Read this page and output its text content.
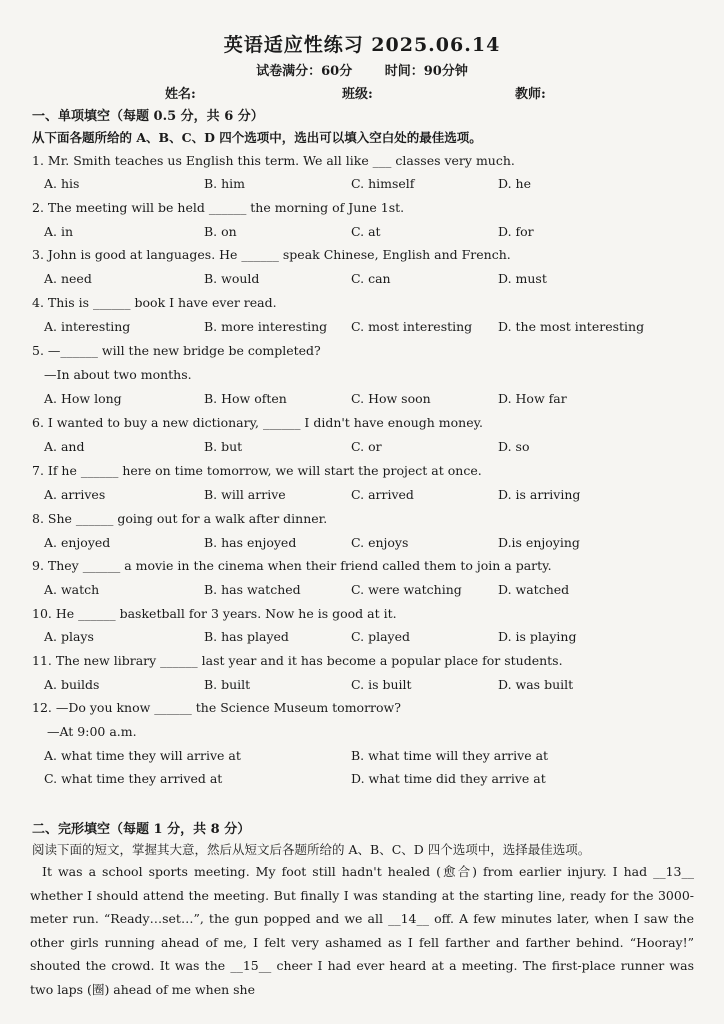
英语适应性练习 2025.06.14
试卷满分：60分	时间：90分钟
姓名:	班级:	教师:
一、单项填空（每题 0.5 分，共 6 分）
从下面各题所给的 A、B、C、D 四个选项中，选出可以填入空白处的最佳选项。
1. Mr. Smith teaches us English this term. We all like ___ classes very much.
A. his	B. him	C. himself	D. he
2. The meeting will be held ______ the morning of June 1st.
A. in	B. on	C. at	D. for
3. John is good at languages. He ______ speak Chinese, English and French.
A. need	B. would	C. can	D. must
4. This is ______ book I have ever read.
A. interesting	B. more interesting C. most interesting D. the most interesting
5. —______ will the new bridge be completed?
—In about two months.
A. How long	B. How often	C. How soon	D. How far
6. I wanted to buy a new dictionary, ______ I didn't have enough money.
A. and	B. but	C. or	D. so
7. If he ______ here on time tomorrow, we will start the project at once.
A. arrives	B. will arrive	C. arrived	D. is arriving
8. She ______ going out for a walk after dinner.
A. enjoyed	B. has enjoyed	C. enjoys	D.is enjoying
9. They ______ a movie in the cinema when their friend called them to join a party.
A. watch	B. has watched	C. were watching	D. watched
10. He ______ basketball for 3 years. Now he is good at it.
A. plays	B. has played	C. played	D. is playing
11. The new library ______ last year and it has become a popular place for students.
A. builds	B. built	C. is built	D. was built
12. —Do you know ______ the Science Museum tomorrow?
—At 9:00 a.m.
A. what time they will arrive at	B. what time will they arrive at
C. what time they arrived at	D. what time did they arrive at
二、完形填空（每题 1 分，共 8 分）
阅读下面的短文，掌握其大意，然后从短文后各题所给的 A、B、C、D 四个选项中，选择最佳选项。
It was a school sports meeting. My foot still hadn't healed (愈合) from earlier injury. I had __13__ whether I should attend the meeting. But finally I was standing at the starting line, ready for the 3000-meter run. “Ready…set…”, the gun popped and we all __14__ off. A few minutes later, when I saw the other girls running ahead of me, I felt very ashamed as I fell farther and farther behind. “Hooray!” shouted the crowd. It was the __15__ cheer I had ever heard at a meeting. The first-place runner was two laps (圈) ahead of me when she
